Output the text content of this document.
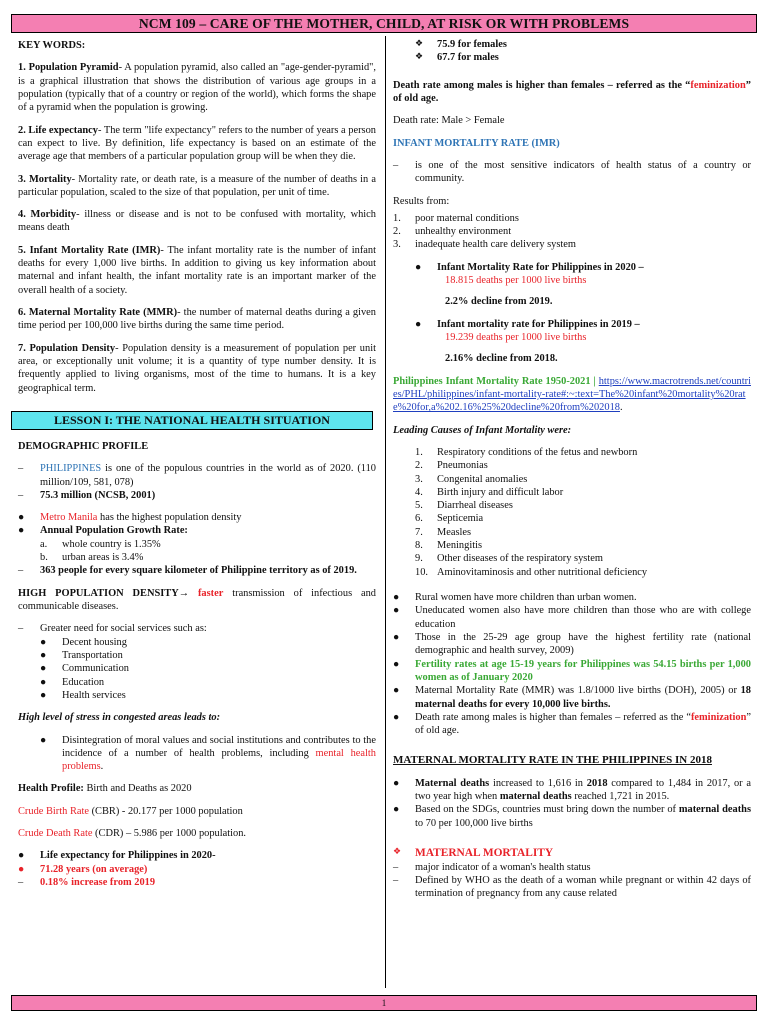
NCM 109 – CARE OF THE MOTHER, CHILD, AT RISK OR WITH PROBLEMS

KEY WORDS:

1. Population Pyramid- A population pyramid, also called an "age-gender-pyramid", is a graphical illustration that shows the distribution of various age groups in a population (typically that of a country or region of the world), which forms the shape of a pyramid when the population is growing.

2. Life expectancy- The term "life expectancy" refers to the number of years a person can expect to live. By definition, life expectancy is based on an estimate of the average age that members of a particular population group will be when they die.

3. Mortality- Mortality rate, or death rate, is a measure of the number of deaths in a particular population, scaled to the size of that population, per unit of time.

4. Morbidity- illness or disease and is not to be confused with mortality, which means death

5. Infant Mortality Rate (IMR)- The infant mortality rate is the number of infant deaths for every 1,000 live births. In addition to giving us key information about maternal and infant health, the infant mortality rate is an important marker of the overall health of a society.

6. Maternal Mortality Rate (MMR)- the number of maternal deaths during a given time period per 100,000 live births during the same time period.

7. Population Density- Population density is a measurement of population per unit area, or exceptionally unit volume; it is a quantity of type number density. It is frequently applied to living organisms, most of the time to humans. It is a key geographical term.

LESSON I: THE NATIONAL HEALTH SITUATION

DEMOGRAPHIC PROFILE

–	PHILIPPINES is one of the populous countries in the world as of 2020. (110 million/109, 581, 078)
–	75.3 million (NCSB, 2001)
●	Metro Manila has the highest population density
●	Annual Population Growth Rate:
a.	whole country is 1.35%
b.	urban areas is 3.4%
–	363 people for every square kilometer of Philippine territory as of 2019.

HIGH POPULATION DENSITY→ faster transmission of infectious and communicable diseases.

–	Greater need for social services such as:
●	Decent housing
●	Transportation
●	Communication
●	Education
●	Health services

High level of stress in congested areas leads to:

●	Disintegration of moral values and social institutions and contributes to the incidence of a number of health problems, including mental health problems.

Health Profile: Birth and Deaths as 2020

Crude Birth Rate (CBR) - 20.177 per 1000 population

Crude Death Rate (CDR) – 5.986 per 1000 population.

●	Life expectancy for Philippines in 2020-
●	71.28 years (on average)
–	0.18% increase from 2019
❖	75.9 for females
❖	67.7 for males

Death rate among males is higher than females – referred as the “feminization” of old age.

Death rate: Male > Female

INFANT MORTALITY RATE (IMR)

–	is one of the most sensitive indicators of health status of a country or community.

Results from:

1.	poor maternal conditions
2.	unhealthy environment
3.	inadequate health care delivery system
●	Infant Mortality Rate for Philippines in 2020 –
18.815 deaths per 1000 live births
2.2% decline from 2019.
●	Infant mortality rate for Philippines in 2019 –
19.239 deaths per 1000 live births
2.16% decline from 2018.

Philippines Infant Mortality Rate 1950-2021 | https://www.macrotrends.net/countries/PHL/philippines/infant-mortality-rate#:~:text=The%20infant%20mortality%20rate%20for,a%202.16%25%20decline%20from%202018.

Leading Causes of Infant Mortality were:

1.	Respiratory conditions of the fetus and newborn
2.	Pneumonias
3.	Congenital anomalies
4.	Birth injury and difficult labor
5.	Diarrheal diseases
6.	Septicemia
7.	Measles
8.	Meningitis
9.	Other diseases of the respiratory system
10. Aminovitaminosis and other nutritional deficiency
●	Rural women have more children than urban women.
●	Uneducated women also have more children than those who are with college education
●	Those in the 25-29 age group have the highest fertility rate (national demographic and health survey, 2009)
●	Fertility rates at age 15-19 years for Philippines was 54.15 births per 1,000 women as of January 2020
●	Maternal Mortality Rate (MMR) was 1.8/1000 live births (DOH), 2005) or 18 maternal deaths for every 10,000 live births.
●	Death rate among males is higher than females – referred as the “feminization” of old age.

MATERNAL MORTALITY RATE IN THE PHILIPPINES IN 2018

●	Maternal deaths increased to 1,616 in 2018 compared to 1,484 in 2017, or a two year high when maternal deaths reached 1,721 in 2015.
●	Based on the SDGs, countries must bring down the number of maternal deaths to 70 per 100,000 live births
❖	MATERNAL MORTALITY
–	major indicator of a woman's health status
–	Defined by WHO as the death of a woman while pregnant or within 42 days of termination of pregnancy from any cause related
1
